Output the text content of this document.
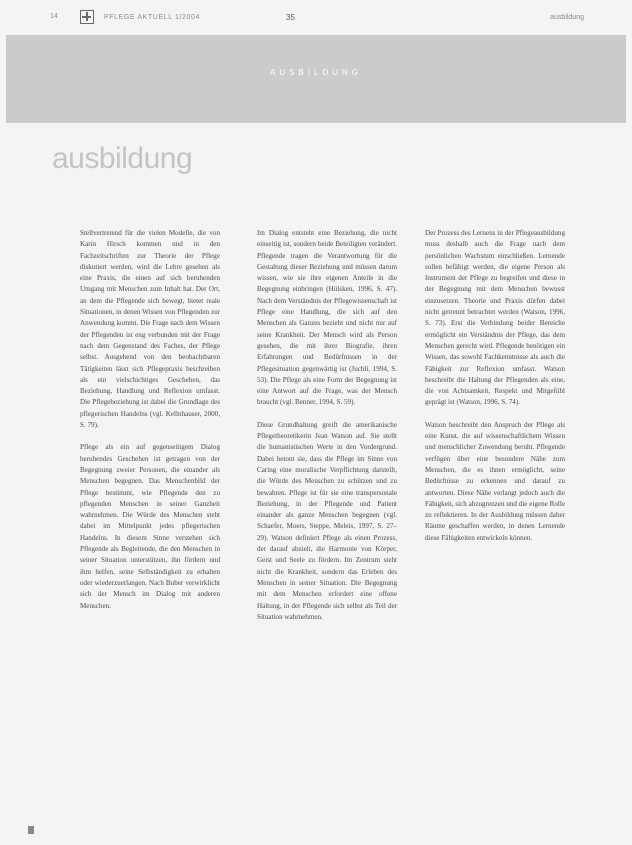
14	PFLEGE AKTUELL 1/2004	35	ausbildung
AUSBILDUNG
ausbildung

Stellvertretend für die vielen Modelle, die von Karin Hirsch kommen und in den Fachzeitschriften zur Theorie der Pflege diskutiert werden, wird die Lehre gesehen als eine Praxis, die einen auf sich beruhenden Umgang mit Menschen zum Inhalt hat. Der Ort, an dem die Pflegende sich bewegt, bietet reale Situationen, in denen Wissen von Pflegenden zur Anwendung kommt. Die Frage nach dem Wissen der Pflegenden ist eng verbunden mit der Frage nach dem Gegenstand des Faches, der Pflege selbst. Ausgehend von den beobachtbaren Tätigkeiten lässt sich Pflegepraxis beschreiben als ein vielschichtiges Geschehen, das Beziehung, Handlung und Reflexion umfasst. Die Pflegebeziehung ist dabei die Grundlage des pflegerischen Handelns (vgl. Kellnhauser, 2000, S. 79).

Pflege als ein auf gegenseitigem Dialog beruhendes Geschehen ist getragen von der Begegnung zweier Personen, die einander als Menschen begegnen. Das Menschenbild der Pflege bestimmt, wie Pflegende den zu pflegenden Menschen in seiner Ganzheit wahrnehmen. Die Würde des Menschen steht dabei im Mittelpunkt jedes pflegerischen Handelns. In diesem Sinne verstehen sich Pflegende als Begleitende, die den Menschen in seiner Situation unterstützen, ihn fördern und ihm helfen, seine Selbständigkeit zu erhalten oder wiederzuerlangen. Nach Buber verwirklicht sich der Mensch im Dialog mit anderen Menschen.

Im Dialog entsteht eine Beziehung, die nicht einseitig ist, sondern beide Beteiligten verändert. Pflegende tragen die Verantwortung für die Gestaltung dieser Beziehung und müssen darum wissen, wie sie ihre eigenen Anteile in die Begegnung einbringen (Hülsken, 1996, S. 47). Nach dem Verständnis der Pflegewissenschaft ist Pflege eine Handlung, die sich auf den Menschen als Ganzes bezieht und nicht nur auf seine Krankheit. Der Mensch wird als Person gesehen, die mit ihrer Biografie, ihren Erfahrungen und Bedürfnissen in der Pflegesituation gegenwärtig ist (Juchli, 1994, S. 53). Die Pflege als eine Form der Begegnung ist eine Antwort auf die Frage, was der Mensch braucht (vgl. Benner, 1994, S. 59).

Diese Grundhaltung greift die amerikanische Pflegetheoretikerin Jean Watson auf. Sie stellt die humanistischen Werte in den Vordergrund. Dabei betont sie, dass die Pflege im Sinne von Caring eine moralische Verpflichtung darstellt, die Würde des Menschen zu schützen und zu bewahren. Pflege ist für sie eine transpersonale Beziehung, in der Pflegende und Patient einander als ganze Menschen begegnen (vgl. Schaefer, Moers, Steppe, Meleis, 1997, S. 27–29). Watson definiert Pflege als einen Prozess, der darauf abzielt, die Harmonie von Körper, Geist und Seele zu fördern. Im Zentrum steht nicht die Krankheit, sondern das Erleben des Menschen in seiner Situation. Die Begegnung mit dem Menschen erfordert eine offene Haltung, in der Pflegende sich selbst als Teil der Situation wahrnehmen.

Der Prozess des Lernens in der Pflegeausbildung muss deshalb auch die Frage nach dem persönlichen Wachstum einschließen. Lernende sollen befähigt werden, die eigene Person als Instrument der Pflege zu begreifen und diese in der Begegnung mit dem Menschen bewusst einzusetzen. Theorie und Praxis dürfen dabei nicht getrennt betrachtet werden (Watson, 1996, S. 73). Erst die Verbindung beider Bereiche ermöglicht ein Verständnis der Pflege, das dem Menschen gerecht wird. Pflegende benötigen ein Wissen, das sowohl Fachkenntnisse als auch die Fähigkeit zur Reflexion umfasst. Watson beschreibt die Haltung der Pflegenden als eine, die von Achtsamkeit, Respekt und Mitgefühl geprägt ist (Watson, 1996, S. 74).

Watson beschreibt den Anspruch der Pflege als eine Kunst, die auf wissenschaftlichem Wissen und menschlicher Zuwendung beruht. Pflegende verfügen über eine besondere Nähe zum Menschen, die es ihnen ermöglicht, seine Bedürfnisse zu erkennen und darauf zu antworten. Diese Nähe verlangt jedoch auch die Fähigkeit, sich abzugrenzen und die eigene Rolle zu reflektieren. In der Ausbildung müssen daher Räume geschaffen werden, in denen Lernende diese Fähigkeiten entwickeln können.
